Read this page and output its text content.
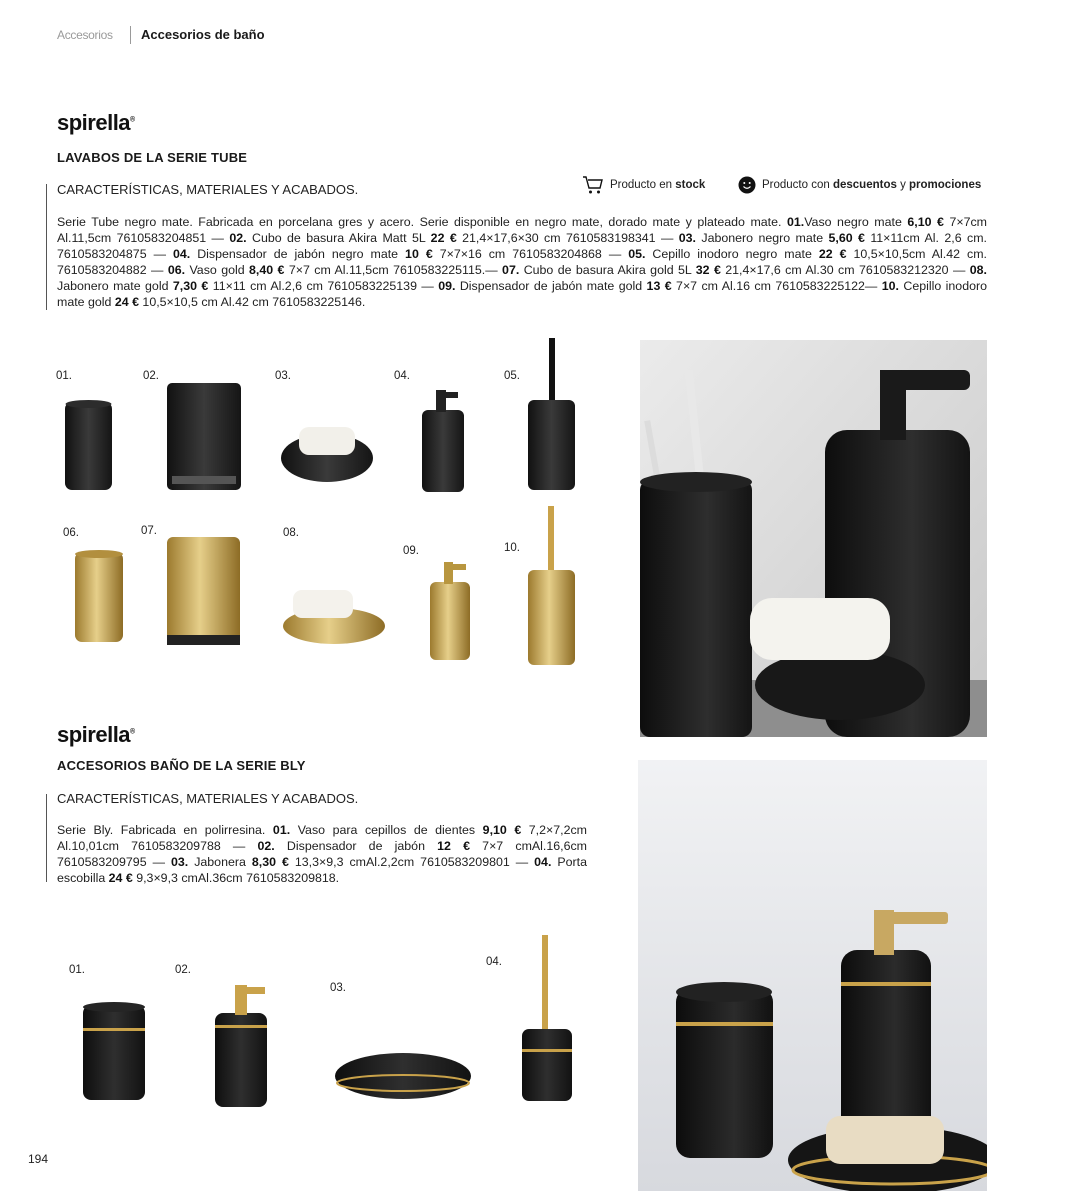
Accesorios Accesorios de baño
spirella®
LAVABOS DE LA SERIE TUBE
CARACTERÍSTICAS, MATERIALES Y ACABADOS.	Producto en stock	Producto con descuentos y promociones
Serie Tube negro mate. Fabricada en porcelana gres y acero. Serie disponible en negro mate, dorado mate y plateado mate. 01.Vaso negro mate 6,10 € 7×7cm Al.11,5cm 7610583204851 — 02. Cubo de basura Akira Matt 5L 22 € 21,4×17,6×30 cm 7610583198341 — 03. Jabonero negro mate 5,60 € 11×11cm Al. 2,6 cm. 7610583204875 — 04. Dispensador de jabón negro mate 10 € 7×7×16 cm 7610583204868 — 05. Cepillo inodoro negro mate 22 € 10,5×10,5cm Al.42 cm. 7610583204882 — 06. Vaso gold 8,40 € 7×7 cm Al.11,5cm 7610583225115.— 07. Cubo de basura Akira gold 5L 32 € 21,4×17,6 cm Al.30 cm 7610583212320 — 08. Jabonero mate gold 7,30 € 11×11 cm Al.2,6 cm 7610583225139 — 09. Dispensador de jabón mate gold 13 € 7×7 cm Al.16 cm 7610583225122— 10. Cepillo inodoro mate gold 24 € 10,5×10,5 cm Al.42 cm 7610583225146.
01.	02.	03.	04.	05.
06.	07.	08.
09.	10.
spirella®
ACCESORIOS BAÑO DE LA SERIE BLY
CARACTERÍSTICAS, MATERIALES Y ACABADOS.
Serie Bly. Fabricada en polirresina. 01. Vaso para cepillos de dientes 9,10 € 7,2×7,2cm Al.10,01cm 7610583209788 — 02. Dispensador de jabón 12 € 7×7 cmAl.16,6cm 7610583209795 — 03. Jabonera 8,30 € 13,3×9,3 cmAl.2,2cm 7610583209801 — 04. Porta escobilla 24 € 9,3×9,3 cmAl.36cm 7610583209818.
01.	02.
03.
04.
194
